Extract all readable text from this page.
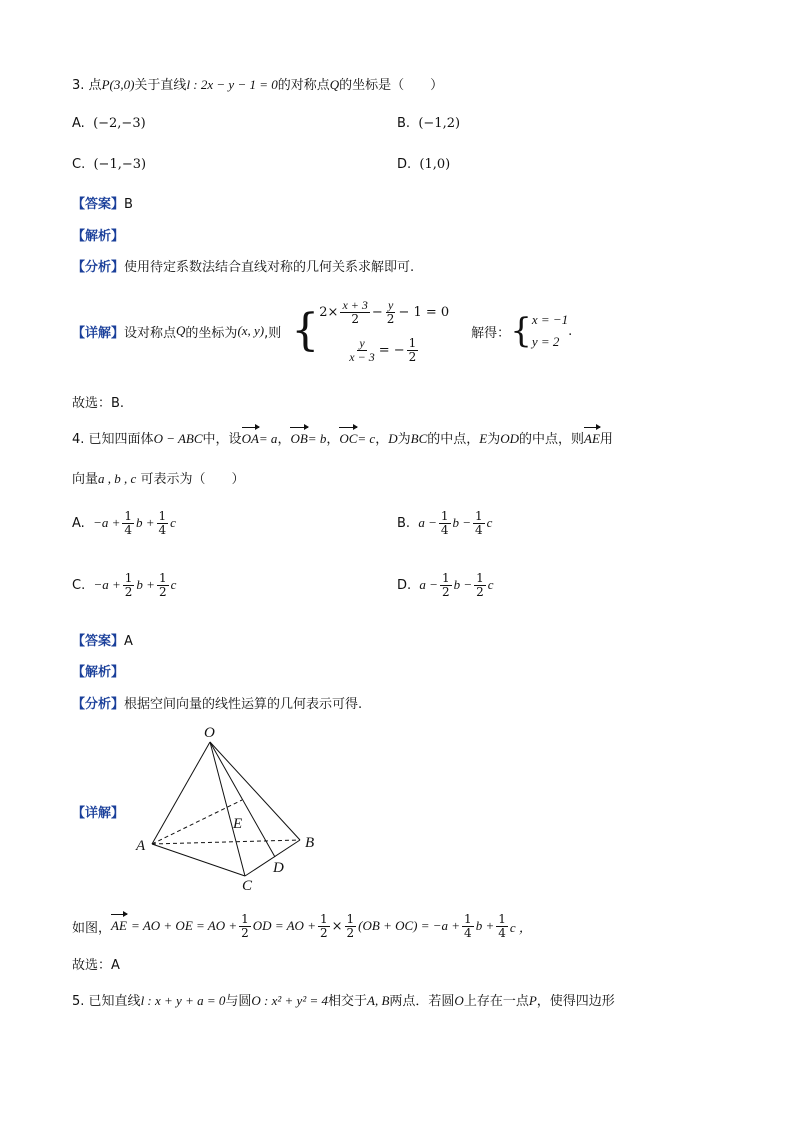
3. 点P(3,0)关于直线l : 2x − y − 1 = 0的对称点Q的坐标是（　　）
A. (−2,−3)	B. (−1,2)
C. (−1,−3)	D. (1,0)
【答案】B
【解析】
【分析】使用待定系数法结合直线对称的几何关系求解即可.
【详解】 设对称点 Q 的坐标为 (x, y) ,则 { $2\times \frac{x + 3}{2} - \frac{y}{2} - 1 = 0$
$\frac{y}{x - 3}$ = − $\frac{1}{2}$
解得： { x = −1
y = 2
.
故选：B.
4. 已知四面体O − ABC中，设OA= a，OB= b，OC= c，D为BC的中点，E为OD的中点，则AE用
向量a , b , c 可表示为（　　）
A.
$-a + \frac{1}{4}$ $b + \frac{1}{4}$ c	B.
$a - \frac{1}{4}$ $b - \frac{1}{4}$ c
C.
$-a + \frac{1}{2}$ $b + \frac{1}{2}$ c	D.
$a - \frac{1}{2}$ $b - \frac{1}{2}$ c
【答案】A
【解析】
【分析】根据空间向量的线性运算的几何表示可得.
【详解】
O
A	B
C
D
E
如图， AE
= AO + OE = AO + $\frac{1}{2}$ OD = AO + $\frac{1}{2} \times \frac{1}{2} (OB + OC) = -a + \frac{1}{4}$ $b + \frac{1}{4}$ c ，
故选：A
5. 已知直线l : x + y + a = 0与圆O : x² + y² = 4相交于A, B两点．若圆O上存在一点P，使得四边形
